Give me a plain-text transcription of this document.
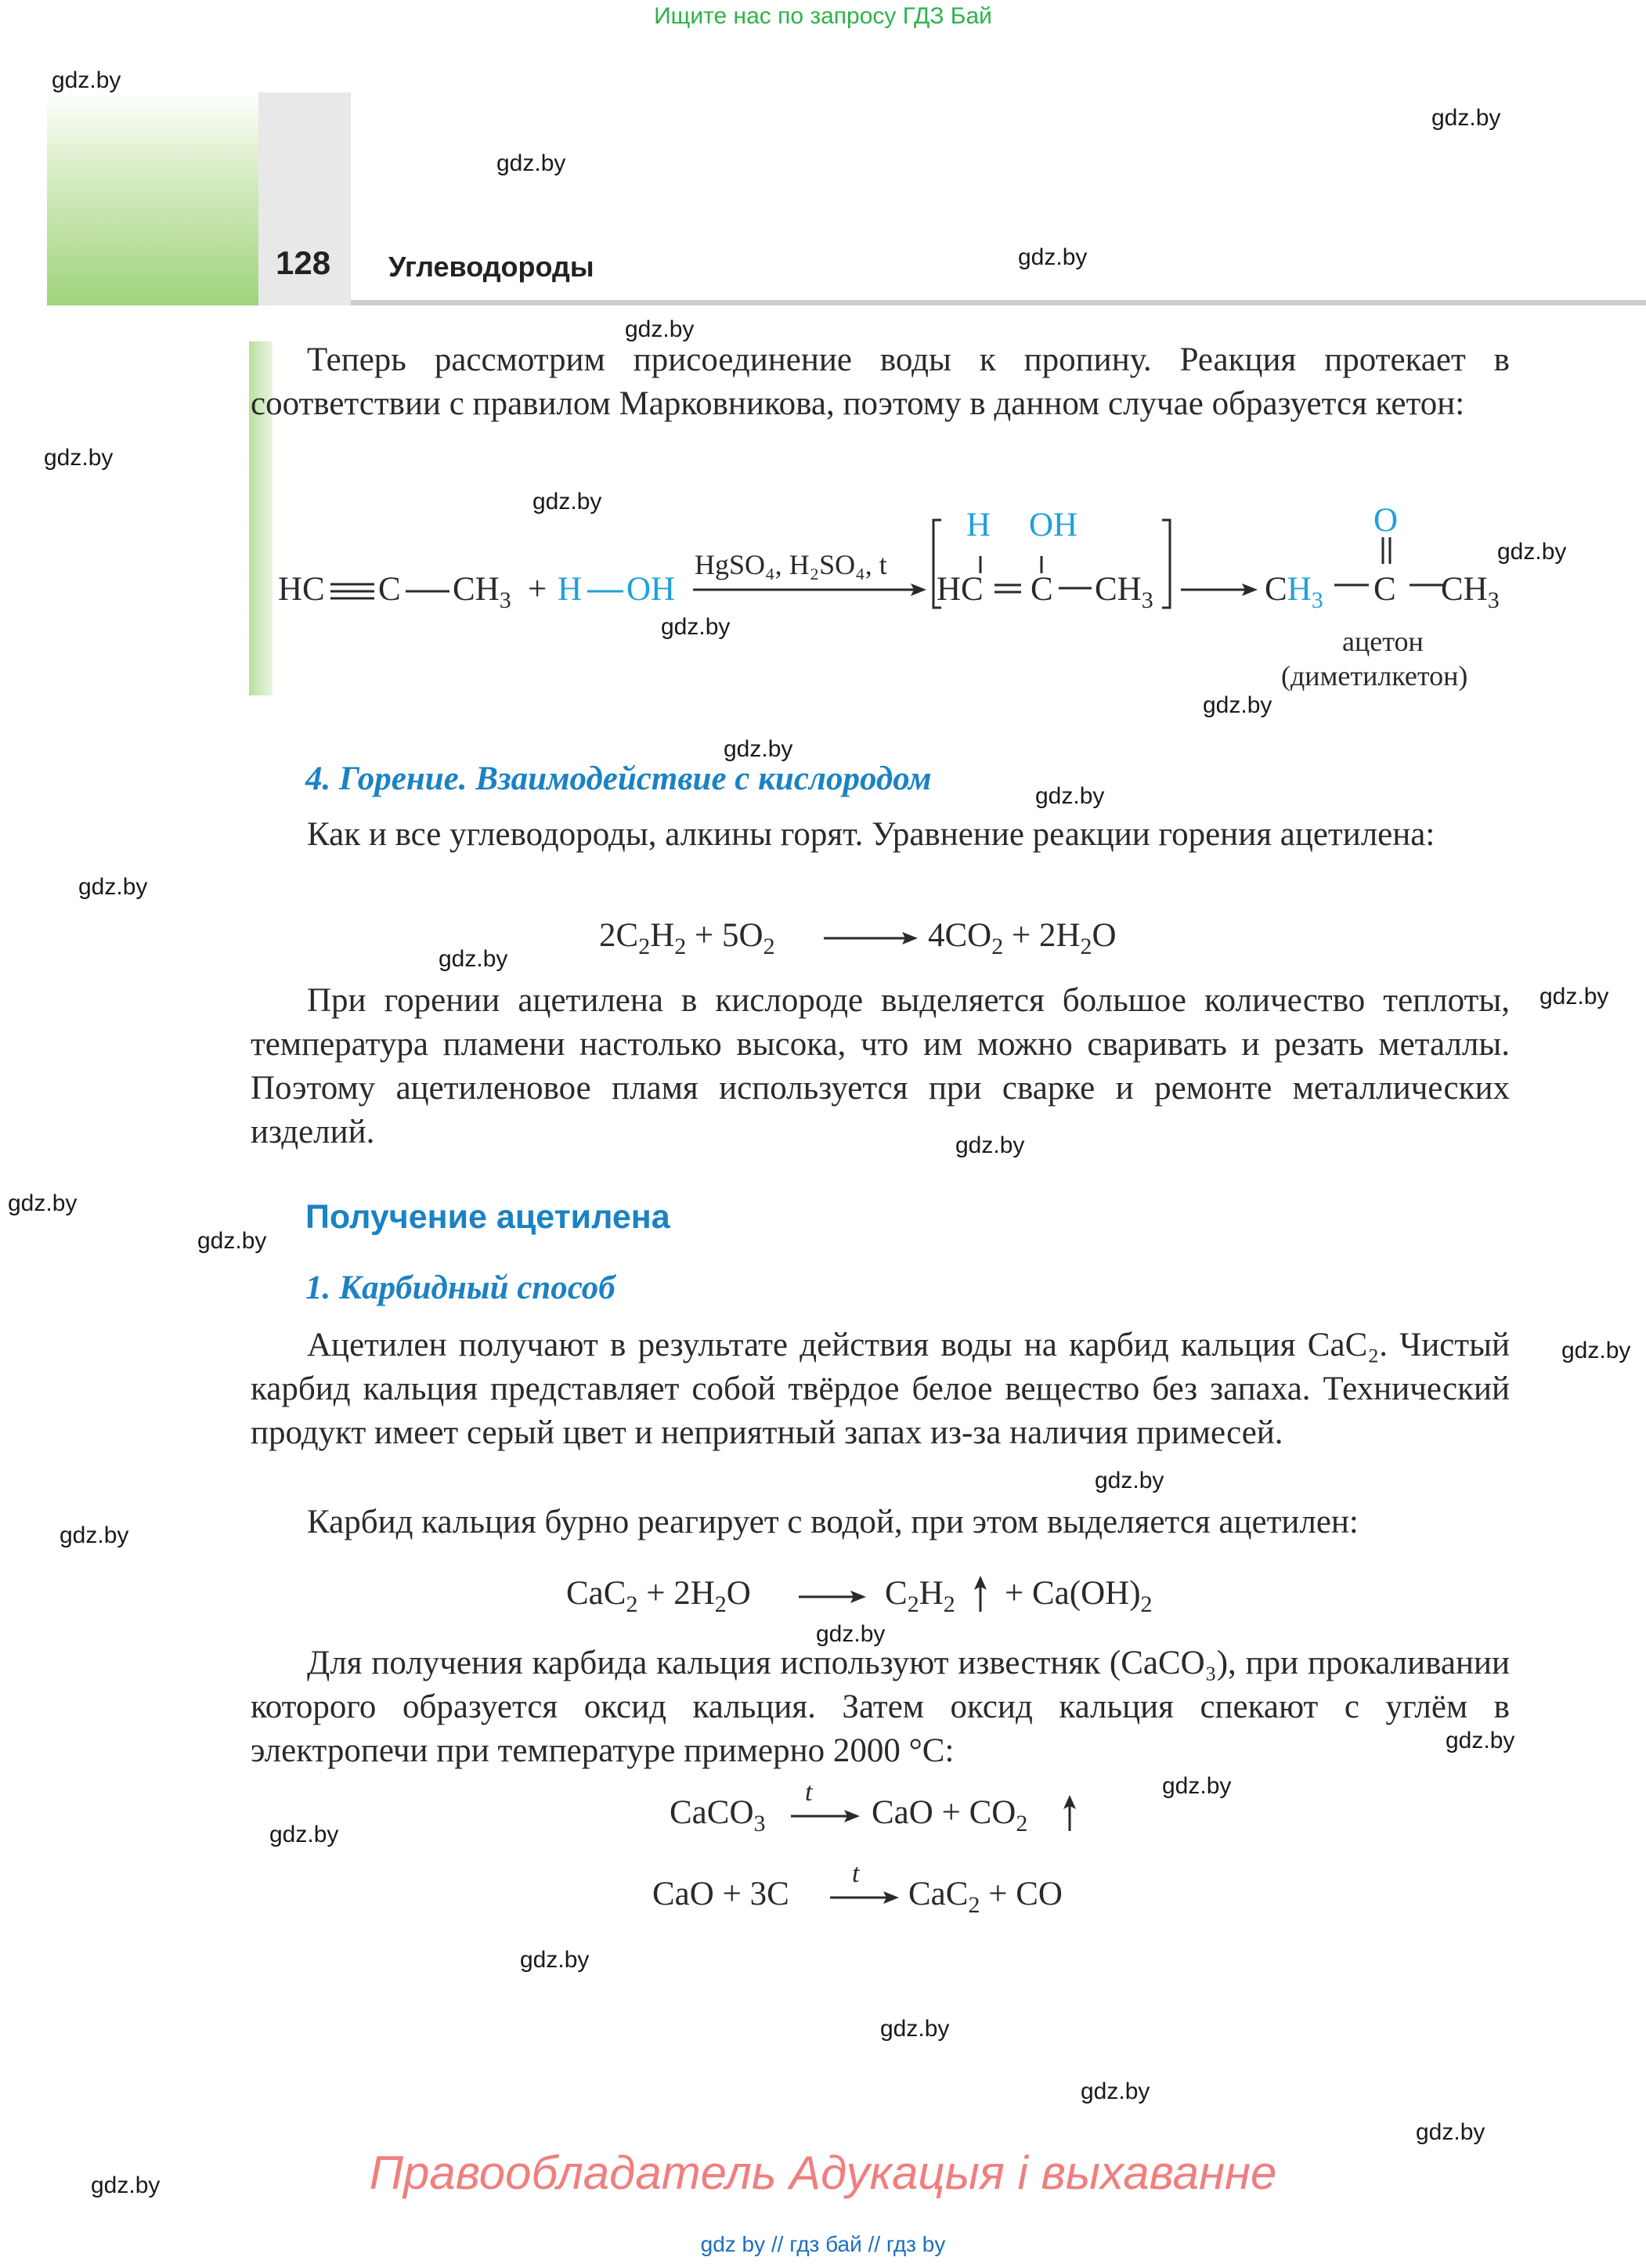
Ищите нас по запросу ГДЗ Бай
128 Углеводороды
Теперь рассмотрим присоединение воды к пропину. Реакция протекает в соответствии с правилом Марковникова, поэтому в данном случае образуется кетон:
HC C $CH_3 + H$ OH
HgSO₄, H₂SO₄, t
H OH
HC C $CH_3$	$CH_3$
O
C $CH_3$
ацетон
(диметилкетон)
4. Горение. Взаимодействие с кислородом
Как и все углеводороды, алкины горят. Уравнение реакции горения ацетилена:
$2C_2H_2 + 5O_2$	$4CO_2 + 2H_2O$
При горении ацетилена в кислороде выделяется большое количество теплоты, температура пламени настолько высока, что им можно сваривать и резать металлы. Поэтому ацетиленовое пламя используется при сварке и ремонте металлических изделий.
Получение ацетилена
1. Карбидный способ
Ацетилен получают в результате действия воды на карбид кальция CaC₂. Чистый карбид кальция представляет собой твёрдое белое вещество без запаха. Технический продукт имеет серый цвет и неприятный запах из-за наличия примесей.
Карбид кальция бурно реагирует с водой, при этом выделяется ацетилен:
$CaC_2 + 2H_2O$	$C_2H_2 + Ca(OH)_2$
Для получения карбида кальция используют известняк (CaCO₃), при прокаливании которого образуется оксид кальция. Затем оксид кальция спекают с углём в электропечи при температуре примерно 2000 °C:
CaCO$_3$
t
CaO + $CO_2$
CaO + 3C
t
CaC$_2$ + CO
Правообладатель Адукацыя і выхаванне
gdz by // гдз бай // гдз by
gdz.by
gdz.by
gdz.by
gdz.by
gdz.by
gdz.by
gdz.by
gdz.by
gdz.by
gdz.by
gdz.by
gdz.by
gdz.by
gdz.by
gdz.by
gdz.by
gdz.by
gdz.by
gdz.by
gdz.by
gdz.by
gdz.by
gdz.by
gdz.by
gdz.by
gdz.by
gdz.by
gdz.by
gdz.by
gdz.by
